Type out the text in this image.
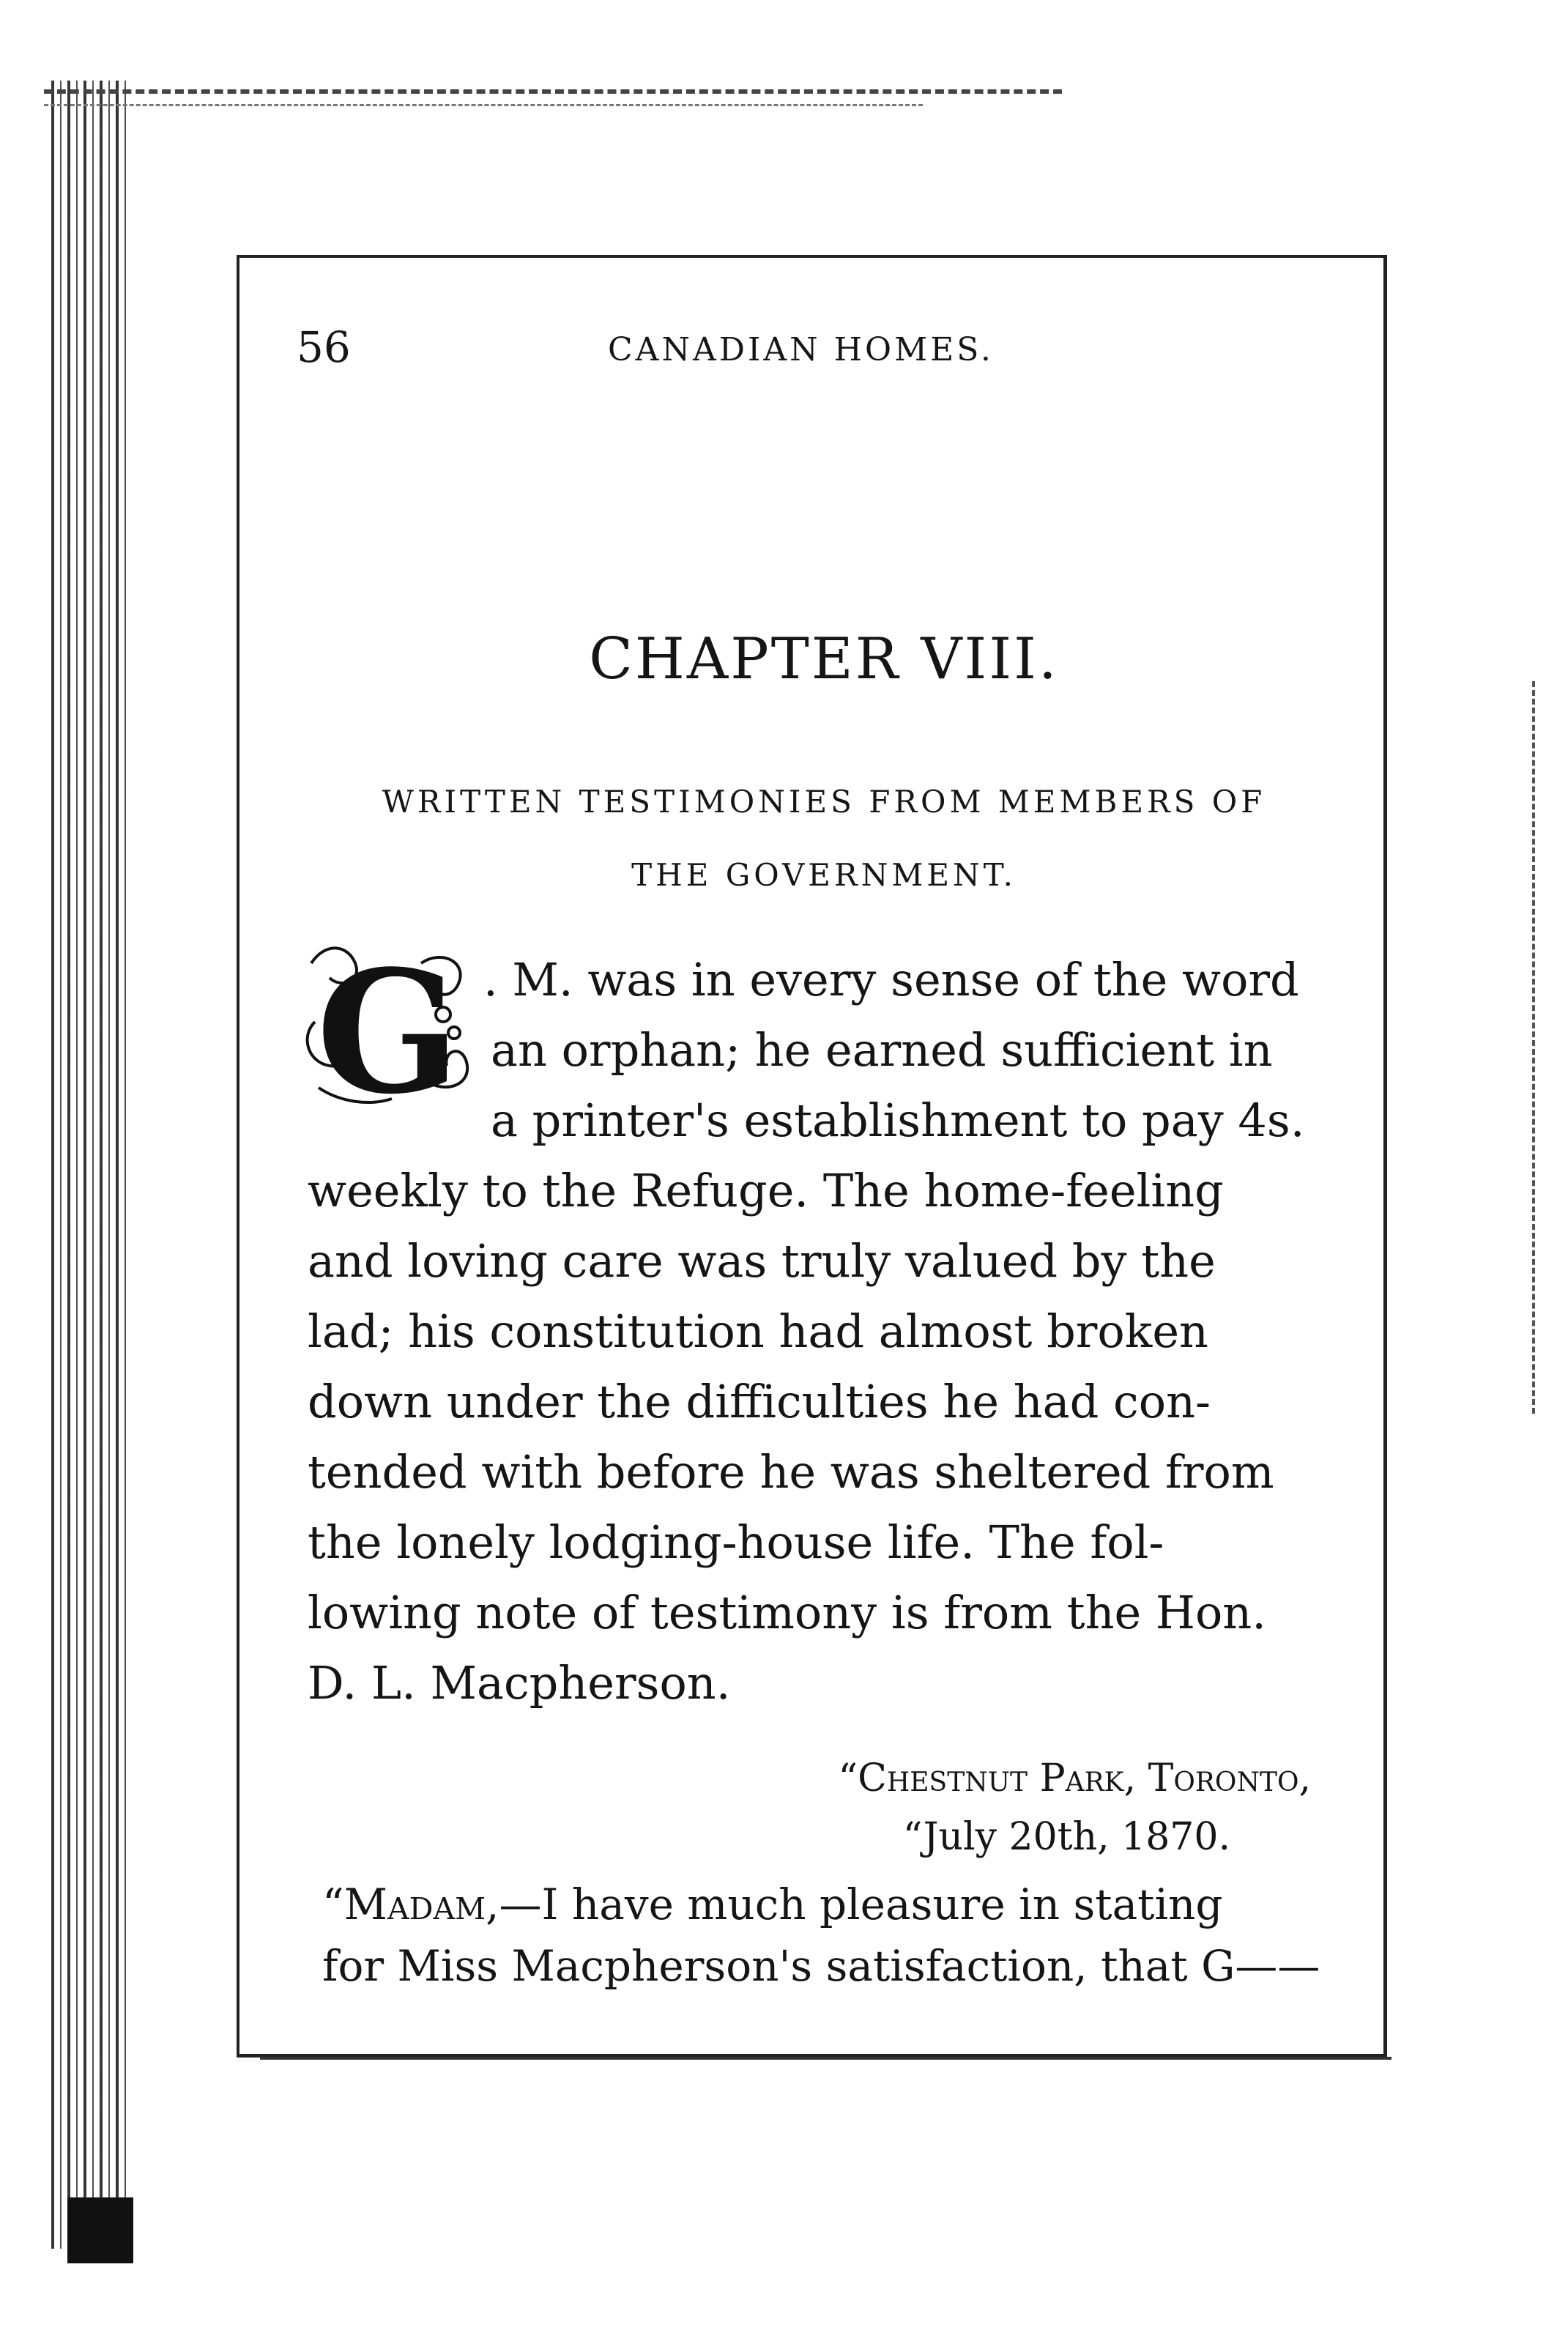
56	CANADIAN HOMES.
CHAPTER VIII.
WRITTEN TESTIMONIES FROM MEMBERS OF
THE GOVERNMENT.
G . M. was in every sense of the word
an orphan; he earned sufficient in
a printer's establishment to pay 4s.
weekly to the Refuge. The home-feeling
and loving care was truly valued by the
lad; his constitution had almost broken
down under the difficulties he had con-
tended with before he was sheltered from
the lonely lodging-house life. The fol-
lowing note of testimony is from the Hon.
D. L. Macpherson.
“Chestnut Park, Toronto,
“July 20th, 1870.
“Madam,—I have much pleasure in stating
for Miss Macpherson's satisfaction, that G——
